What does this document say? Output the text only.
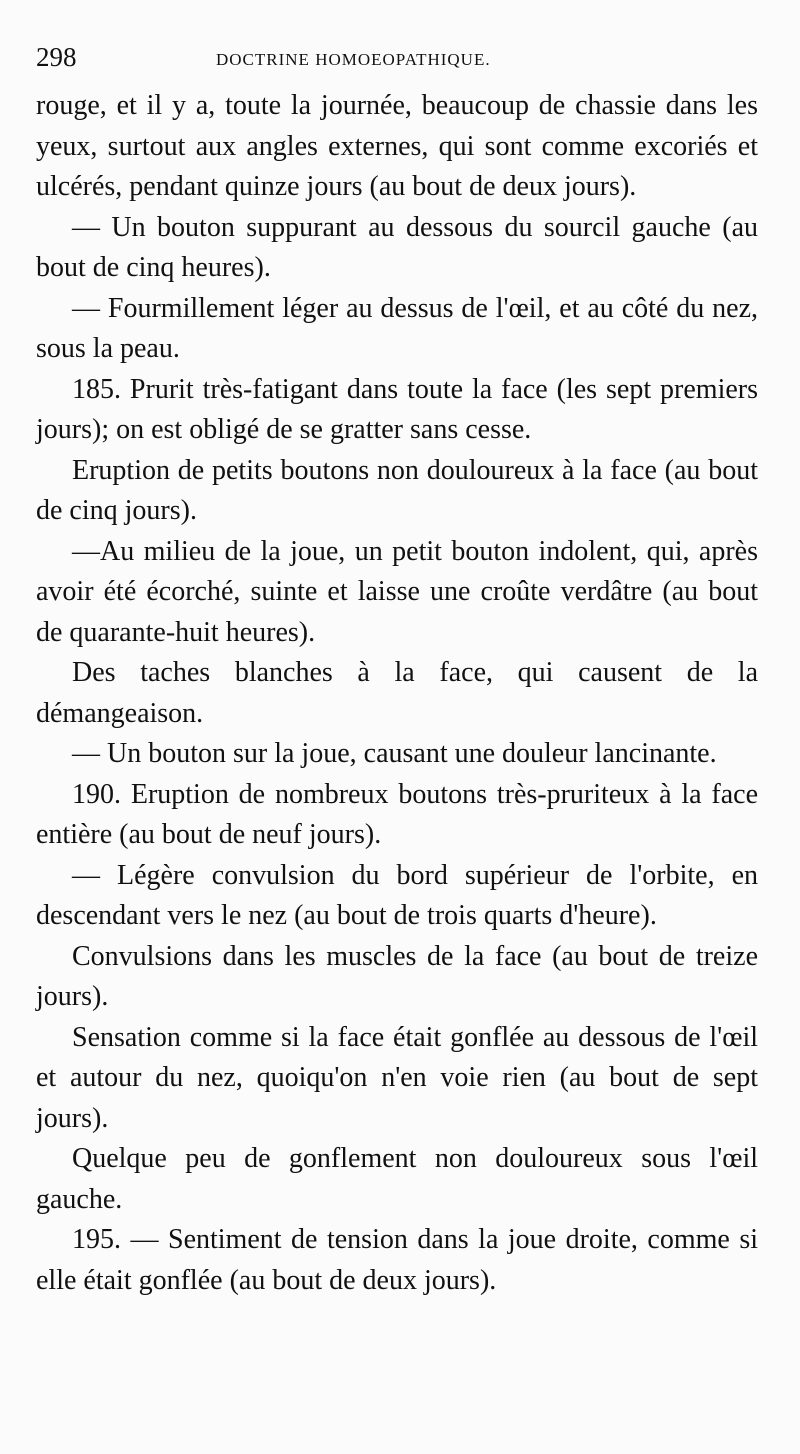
298	DOCTRINE HOMOEOPATHIQUE.

rouge, et il y a, toute la journée, beaucoup de chassie dans les yeux, surtout aux angles externes, qui sont comme excoriés et ulcérés, pendant quinze jours (au bout de deux jours).

— Un bouton suppurant au dessous du sourcil gauche (au bout de cinq heures).

— Fourmillement léger au dessus de l'œil, et au côté du nez, sous la peau.

185. Prurit très-fatigant dans toute la face (les sept premiers jours); on est obligé de se gratter sans cesse.

Eruption de petits boutons non douloureux à la face (au bout de cinq jours).

—Au milieu de la joue, un petit bouton indolent, qui, après avoir été écorché, suinte et laisse une croûte verdâtre (au bout de quarante-huit heures).

Des taches blanches à la face, qui causent de la démangeaison.

— Un bouton sur la joue, causant une douleur lancinante.

190. Eruption de nombreux boutons très-pruriteux à la face entière (au bout de neuf jours).

— Légère convulsion du bord supérieur de l'orbite, en descendant vers le nez (au bout de trois quarts d'heure).

Convulsions dans les muscles de la face (au bout de treize jours).

Sensation comme si la face était gonflée au dessous de l'œil et autour du nez, quoiqu'on n'en voie rien (au bout de sept jours).

Quelque peu de gonflement non douloureux sous l'œil gauche.

195. — Sentiment de tension dans la joue droite, comme si elle était gonflée (au bout de deux jours).
